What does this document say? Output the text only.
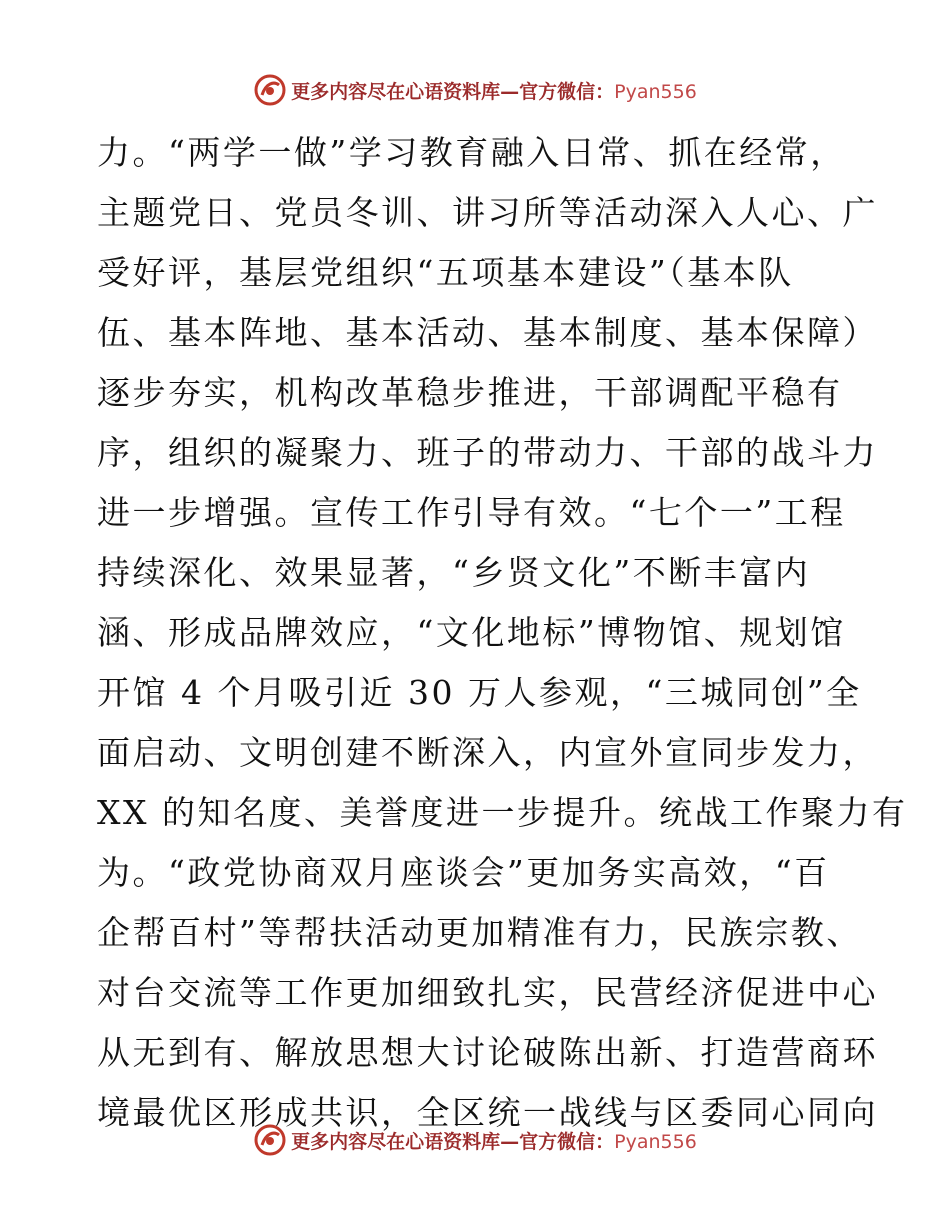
更多内容尽在心语资料库—官方微信：Pyan556
力。“两学一做”学习教育融入日常、抓在经常，
主题党日、党员冬训、讲习所等活动深入人心、广
受好评，基层党组织“五项基本建设”（基本队
伍、基本阵地、基本活动、基本制度、基本保障）
逐步夯实，机构改革稳步推进，干部调配平稳有
序，组织的凝聚力、班子的带动力、干部的战斗力
进一步增强。宣传工作引导有效。“七个一”工程
持续深化、效果显著，“乡贤文化”不断丰富内
涵、形成品牌效应，“文化地标”博物馆、规划馆
开馆 4 个月吸引近 30 万人参观，“三城同创”全
面启动、文明创建不断深入，内宣外宣同步发力，
XX 的知名度、美誉度进一步提升。统战工作聚力有
为。“政党协商双月座谈会”更加务实高效，“百
企帮百村”等帮扶活动更加精准有力，民族宗教、
对台交流等工作更加细致扎实，民营经济促进中心
从无到有、解放思想大讨论破陈出新、打造营商环
境最优区形成共识，全区统一战线与区委同心同向
更多内容尽在心语资料库—官方微信：Pyan556
